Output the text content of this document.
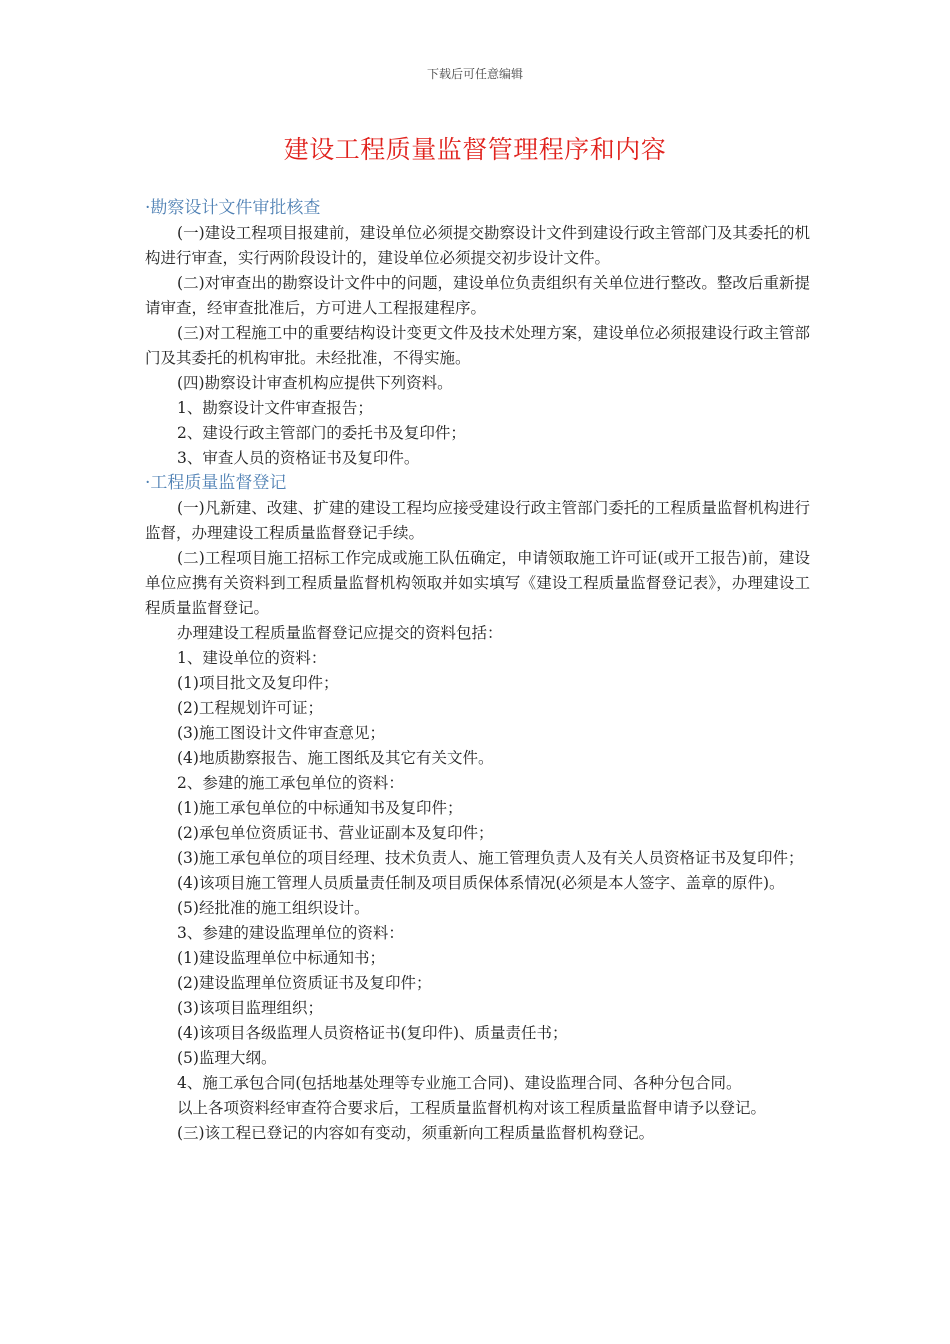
下载后可任意编辑
建设工程质量监督管理程序和内容
·勘察设计文件审批核查

(一)建设工程项目报建前，建设单位必须提交勘察设计文件到建设行政主管部门及其委托的机构进行审查，实行两阶段设计的，建设单位必须提交初步设计文件。

(二)对审查出的勘察设计文件中的问题，建设单位负责组织有关单位进行整改。整改后重新提请审查，经审查批准后，方可进人工程报建程序。

(三)对工程施工中的重要结构设计变更文件及技术处理方案，建设单位必须报建设行政主管部门及其委托的机构审批。未经批准，不得实施。

(四)勘察设计审查机构应提供下列资料。

1、勘察设计文件审查报告；

2、建设行政主管部门的委托书及复印件；

3、审查人员的资格证书及复印件。

·工程质量监督登记

(一)凡新建、改建、扩建的建设工程均应接受建设行政主管部门委托的工程质量监督机构进行监督，办理建设工程质量监督登记手续。

(二)工程项目施工招标工作完成或施工队伍确定，申请领取施工许可证(或开工报告)前，建设单位应携有关资料到工程质量监督机构领取并如实填写《建设工程质量监督登记表》，办理建设工程质量监督登记。

办理建设工程质量监督登记应提交的资料包括：

1、建设单位的资料：

(1)项目批文及复印件；

(2)工程规划许可证；

(3)施工图设计文件审查意见；

(4)地质勘察报告、施工图纸及其它有关文件。

2、参建的施工承包单位的资料：

(1)施工承包单位的中标通知书及复印件；

(2)承包单位资质证书、营业证副本及复印件；

(3)施工承包单位的项目经理、技术负责人、施工管理负责人及有关人员资格证书及复印件；

(4)该项目施工管理人员质量责任制及项目质保体系情况(必须是本人签字、盖章的原件)。

(5)经批准的施工组织设计。

3、参建的建设监理单位的资料：

(1)建设监理单位中标通知书；

(2)建设监理单位资质证书及复印件；

(3)该项目监理组织；

(4)该项目各级监理人员资格证书(复印件)、质量责任书；

(5)监理大纲。

4、施工承包合同(包括地基处理等专业施工合同)、建设监理合同、各种分包合同。

以上各项资料经审查符合要求后，工程质量监督机构对该工程质量监督申请予以登记。

(三)该工程已登记的内容如有变动，须重新向工程质量监督机构登记。
